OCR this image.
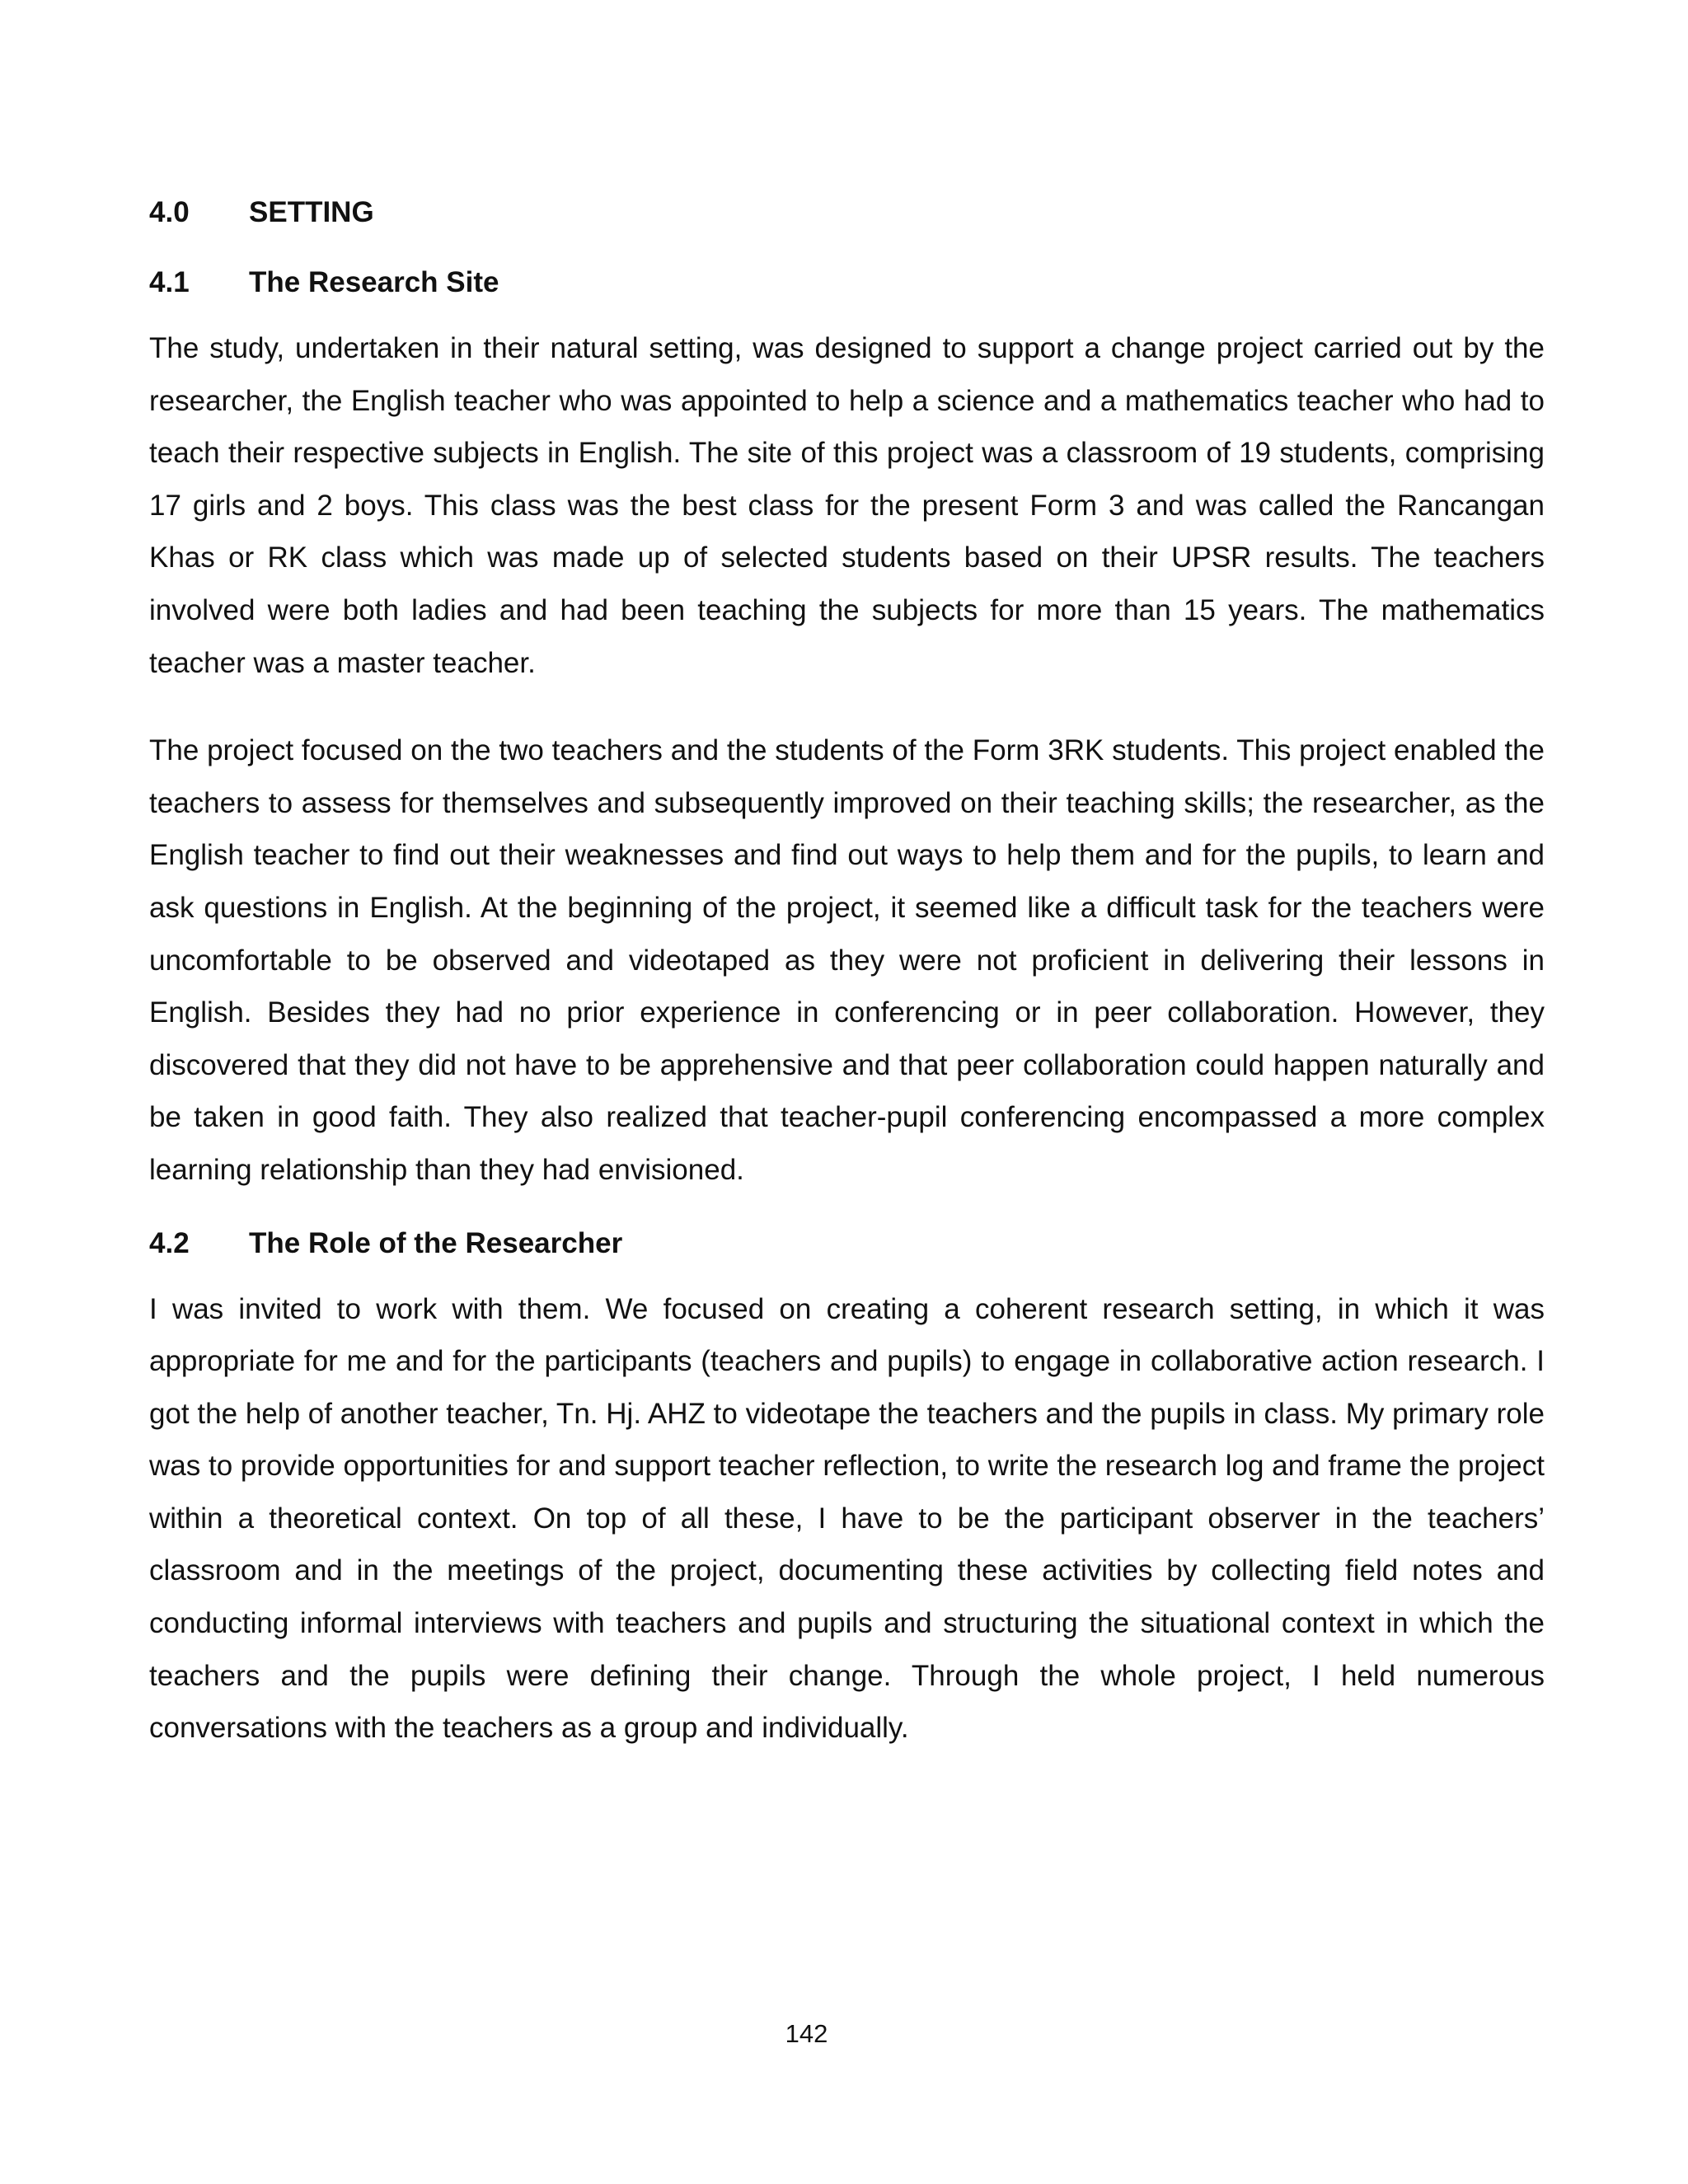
4.0	SETTING
4.1	The Research Site

The study, undertaken in their natural setting, was designed to support a change project carried out by the researcher, the English teacher who was appointed to help a science and a mathematics teacher who had to teach their respective subjects in English. The site of this project was a classroom of 19 students, comprising 17 girls and 2 boys. This class was the best class for the present Form 3 and was called the Rancangan Khas or RK class which was made up of selected students based on their UPSR results. The teachers involved were both ladies and had been teaching the subjects for more than 15 years. The mathematics teacher was a master teacher.

The project focused on the two teachers and the students of the Form 3RK students. This project enabled the teachers to assess for themselves and subsequently improved on their teaching skills; the researcher, as the English teacher to find out their weaknesses and find out ways to help them and for the pupils, to learn and ask questions in English. At the beginning of the project, it seemed like a difficult task for the teachers were uncomfortable to be observed and videotaped as they were not proficient in delivering their lessons in English. Besides they had no prior experience in conferencing or in peer collaboration. However, they discovered that they did not have to be apprehensive and that peer collaboration could happen naturally and be taken in good faith. They also realized that teacher-pupil conferencing encompassed a more complex learning relationship than they had envisioned.

4.2	The Role of the Researcher

I was invited to work with them. We focused on creating a coherent research setting, in which it was appropriate for me and for the participants (teachers and pupils) to engage in collaborative action research. I got the help of another teacher, Tn. Hj. AHZ to videotape the teachers and the pupils in class. My primary role was to provide opportunities for and support teacher reflection, to write the research log and frame the project within a theoretical context. On top of all these, I have to be the participant observer in the teachers’ classroom and in the meetings of the project, documenting these activities by collecting field notes and conducting informal interviews with teachers and pupils and structuring the situational context in which the teachers and the pupils were defining their change. Through the whole project, I held numerous conversations with the teachers as a group and individually.

142
